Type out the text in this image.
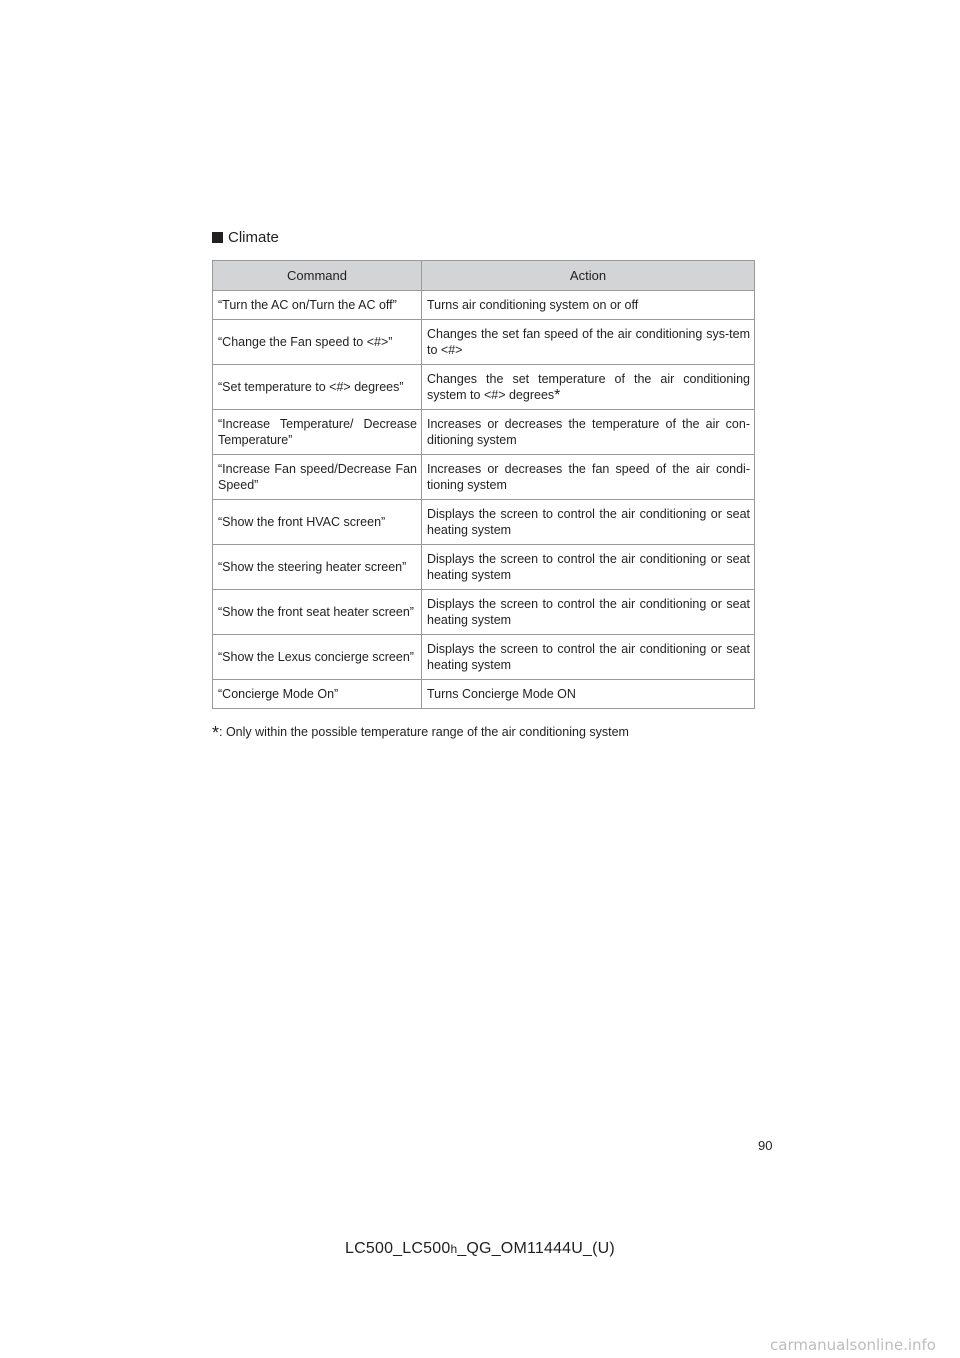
Climate
Command	Action
“Turn the AC on/Turn the AC off”	Turns air conditioning system on or off
“Change the Fan speed to <#>”	Changes the set fan speed of the air conditioning sys-tem to <#>
“Set temperature to <#> degrees”	Changes the set temperature of the air conditioning system to <#> degrees*
“Increase Temperature/ Decrease Temperature”	Increases or decreases the temperature of the air con-ditioning system
“Increase Fan speed/Decrease Fan Speed”	Increases or decreases the fan speed of the air condi-tioning system
“Show the front HVAC screen”	Displays the screen to control the air conditioning or seat heating system
“Show the steering heater screen”	Displays the screen to control the air conditioning or seat heating system
“Show the front seat heater screen”	Displays the screen to control the air conditioning or seat heating system
“Show the Lexus concierge screen”	Displays the screen to control the air conditioning or seat heating system
“Concierge Mode On”	Turns Concierge Mode ON
*: Only within the possible temperature range of the air conditioning system
90
LC500_LC500h_QG_OM11444U_(U)
carmanualsonline.info
